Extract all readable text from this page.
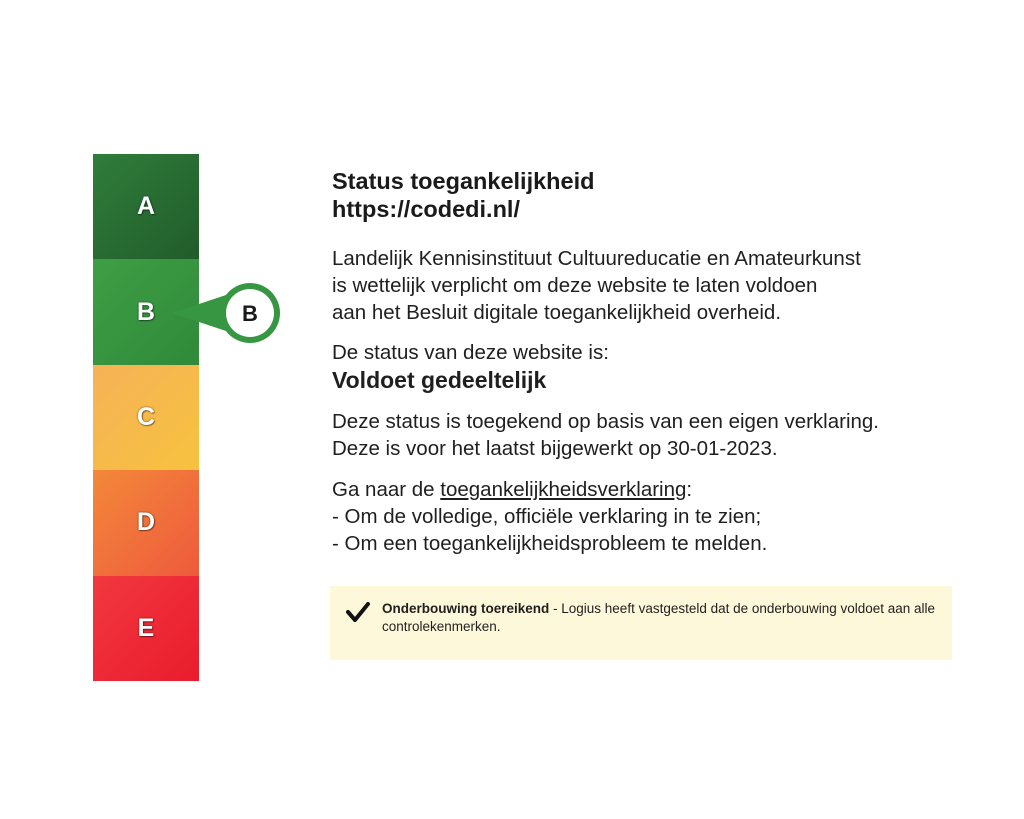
A
B
C
D
E
B
Status toegankelijkheid
https://codedi.nl/

Landelijk Kennisinstituut Cultuureducatie en Amateurkunst
is wettelijk verplicht om deze website te laten voldoen
aan het Besluit digitale toegankelijkheid overheid.

De status van deze website is:

Voldoet gedeeltelijk

Deze status is toegekend op basis van een eigen verklaring.
Deze is voor het laatst bijgewerkt op 30-01-2023.

Ga naar de toegankelijkheidsverklaring:
- Om de volledige, officiële verklaring in te zien;
- Om een toegankelijkheidsprobleem te melden.

Onderbouwing toereikend - Logius heeft vastgesteld dat de onderbouwing voldoet aan alle controlekenmerken.
